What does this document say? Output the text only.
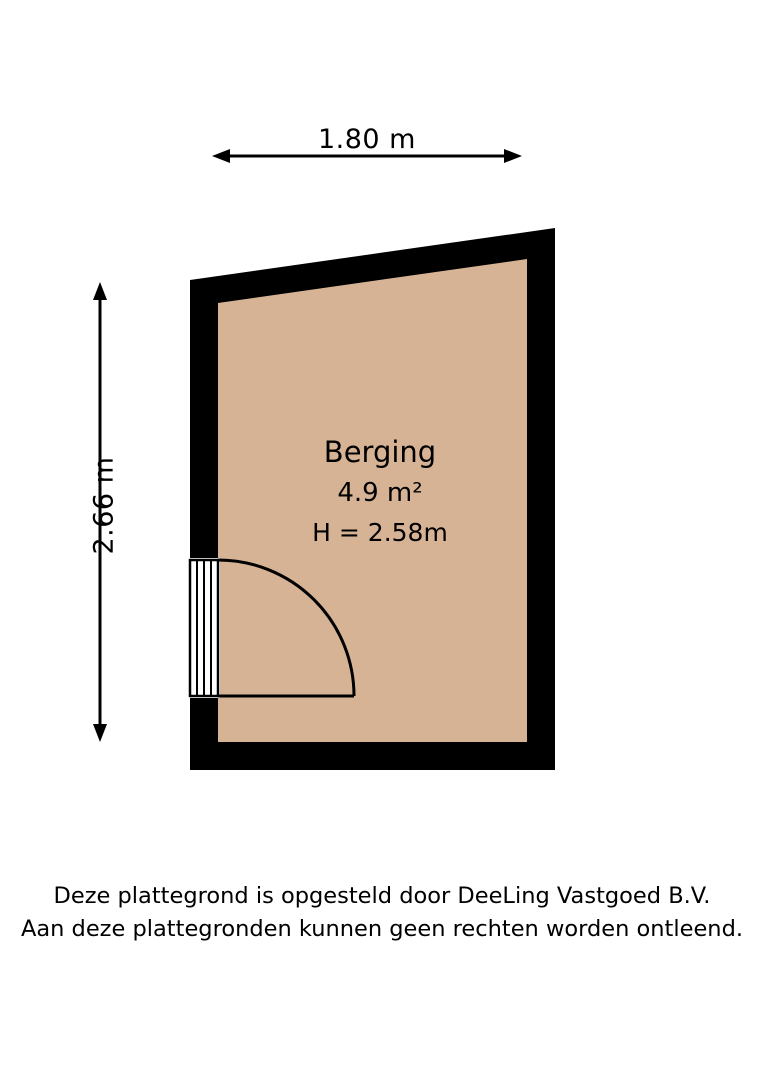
1.80 m
2.66 m
Berging
4.9 m²
H = 2.58m
Deze plattegrond is opgesteld door DeeLing Vastgoed B.V.
Aan deze plattegronden kunnen geen rechten worden ontleend.
